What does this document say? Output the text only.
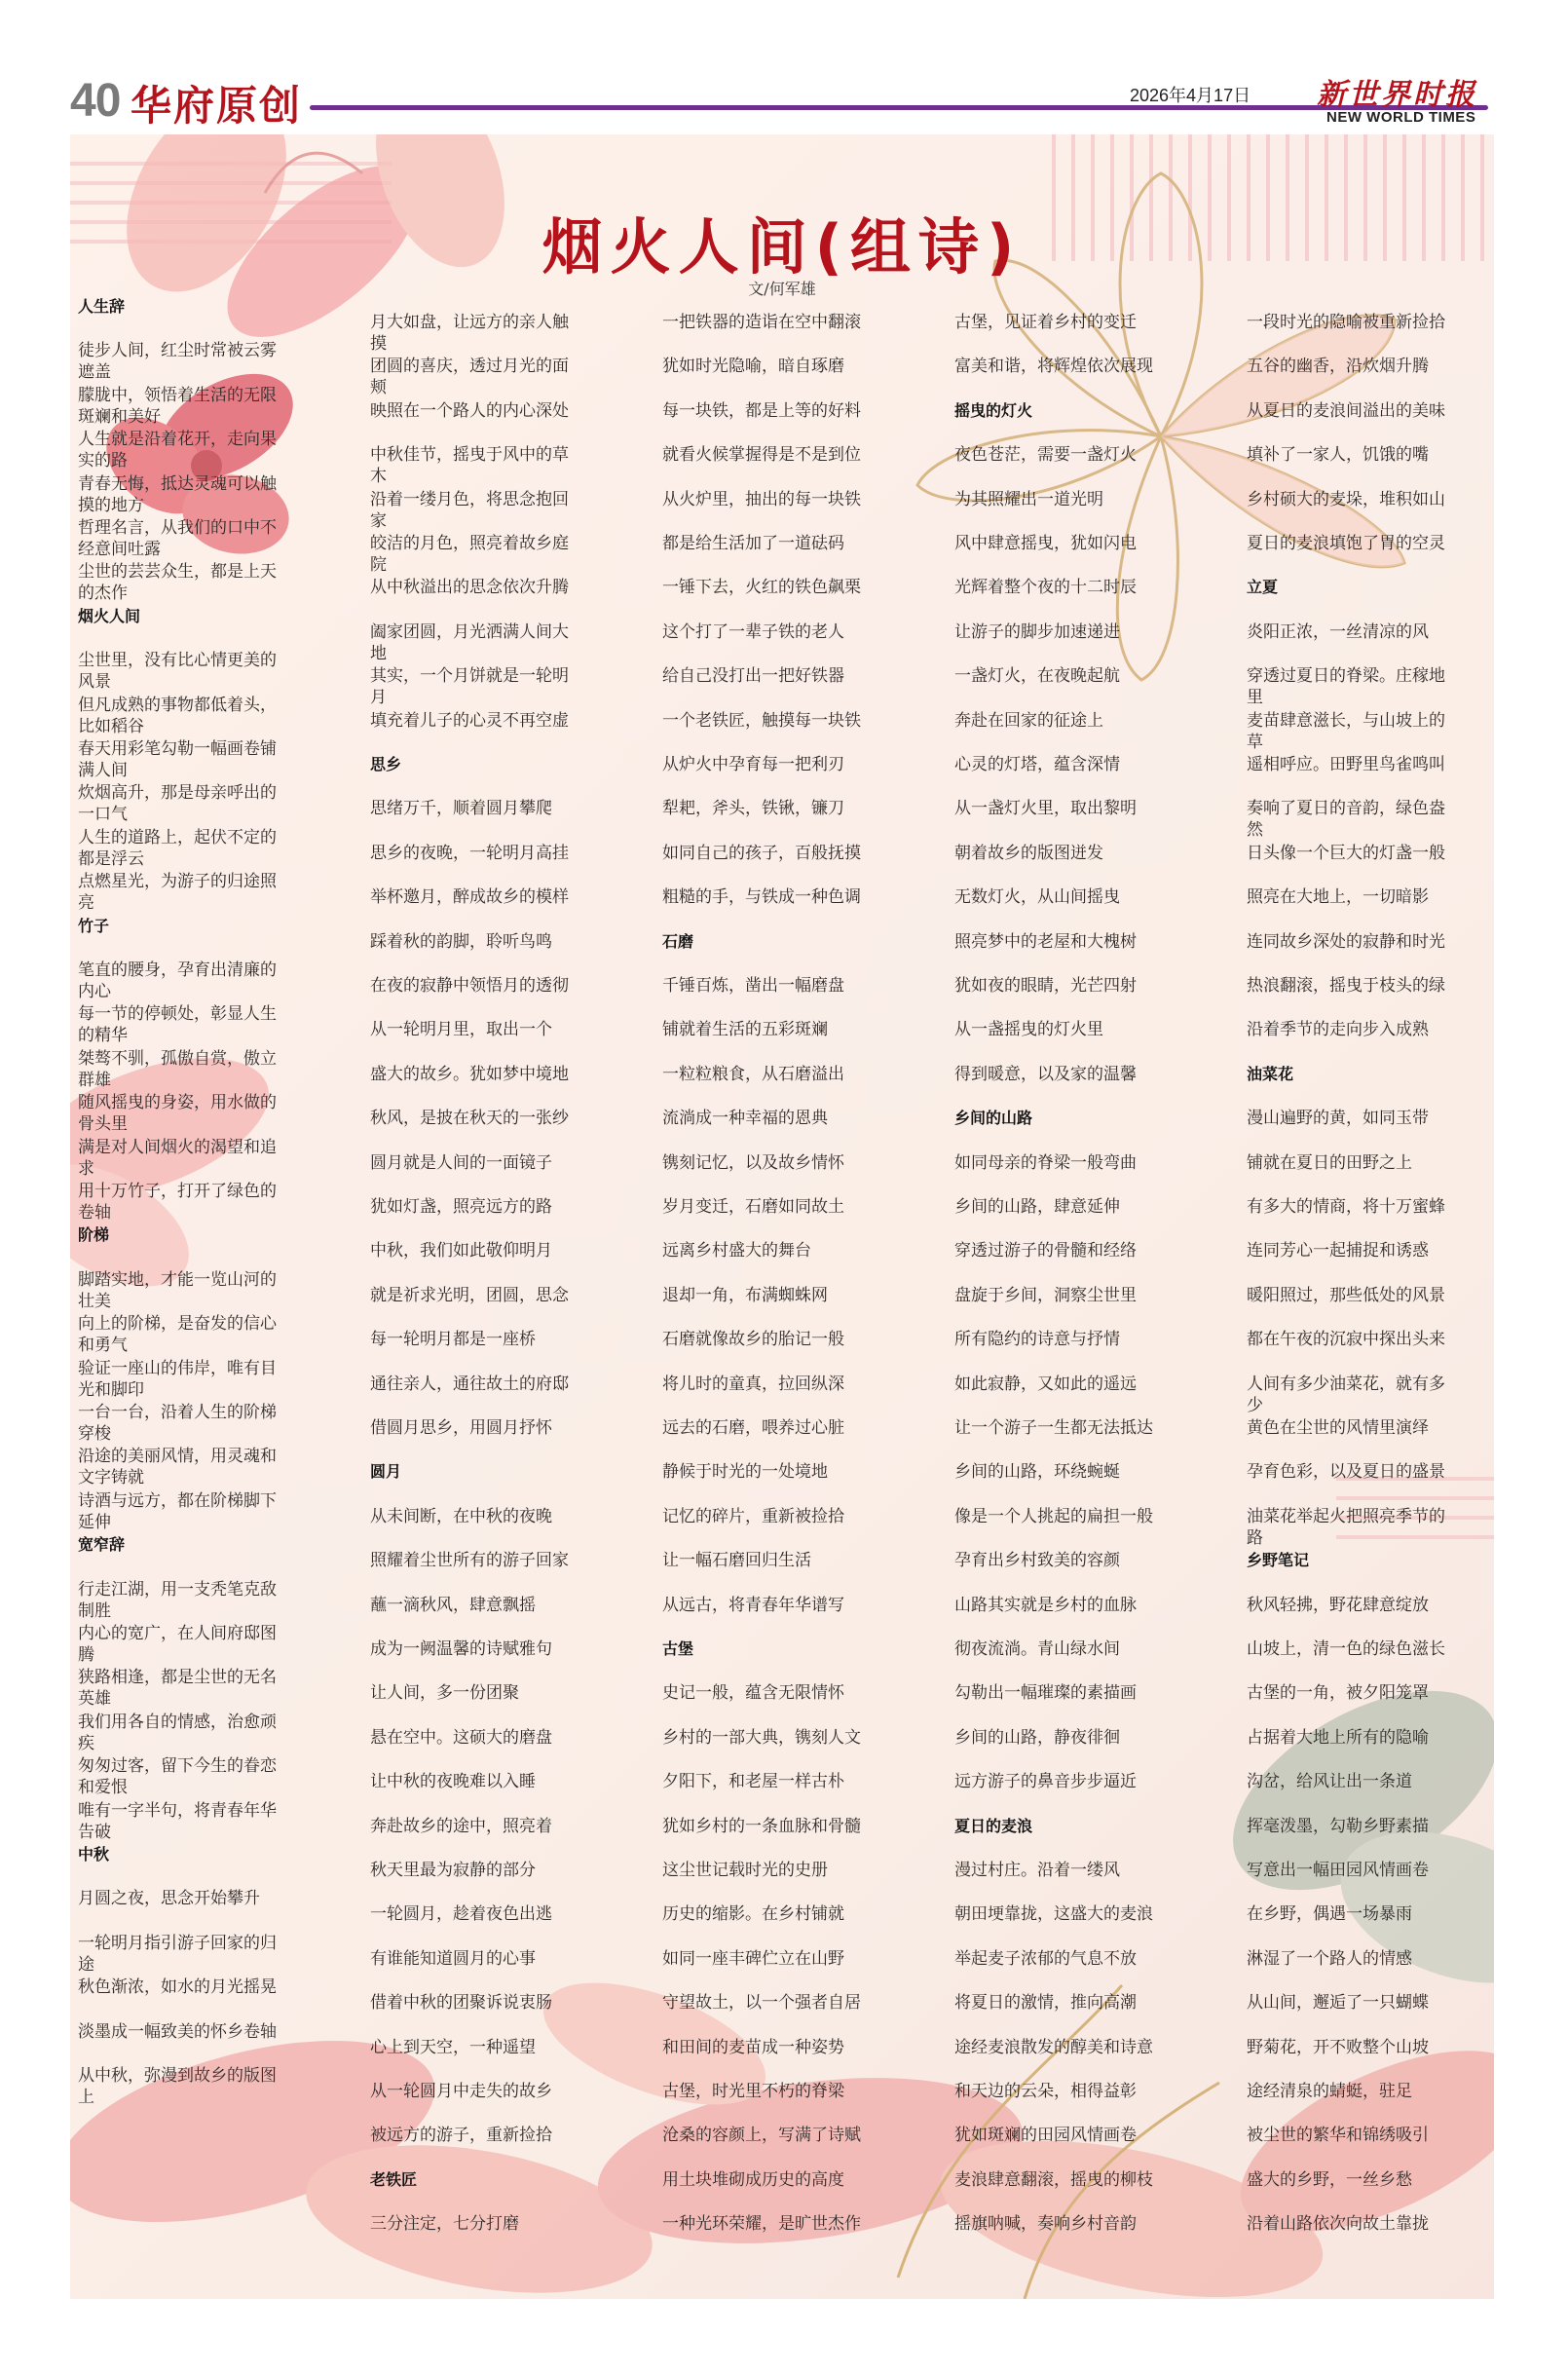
40 华府原创	2026年4月17日 新世界时报
NEW WORLD TIMES
烟火人间(组诗)
文/何军雄
人生辞
徒步人间，红尘时常被云雾遮盖
朦胧中，领悟着生活的无限斑斓和美好
人生就是沿着花开，走向果实的路
青春无悔，抵达灵魂可以触摸的地方
哲理名言，从我们的口中不经意间吐露
尘世的芸芸众生，都是上天的杰作
烟火人间
尘世里，没有比心情更美的风景
但凡成熟的事物都低着头，比如稻谷
春天用彩笔勾勒一幅画卷铺满人间
炊烟高升，那是母亲呼出的一口气
人生的道路上，起伏不定的都是浮云
点燃星光，为游子的归途照亮
竹子
笔直的腰身，孕育出清廉的内心
每一节的停顿处，彰显人生的精华
桀骜不驯，孤傲自赏，傲立群雄
随风摇曳的身姿，用水做的骨头里
满是对人间烟火的渴望和追求
用十万竹子，打开了绿色的卷轴
阶梯
脚踏实地，才能一览山河的壮美
向上的阶梯，是奋发的信心和勇气
验证一座山的伟岸，唯有目光和脚印
一台一台，沿着人生的阶梯穿梭
沿途的美丽风情，用灵魂和文字铸就
诗酒与远方，都在阶梯脚下延伸
宽窄辞
行走江湖，用一支秃笔克敌制胜
内心的宽广，在人间府邸图腾
狭路相逢，都是尘世的无名英雄
我们用各自的情感，治愈顽疾
匆匆过客，留下今生的眷恋和爱恨
唯有一字半句，将青春年华告破
中秋
月圆之夜，思念开始攀升
一轮明月指引游子回家的归途
秋色渐浓，如水的月光摇晃
淡墨成一幅致美的怀乡卷轴
从中秋，弥漫到故乡的版图上
月大如盘，让远方的亲人触摸
团圆的喜庆，透过月光的面颊
映照在一个路人的内心深处
中秋佳节，摇曳于风中的草木
沿着一缕月色，将思念抱回家
皎洁的月色，照亮着故乡庭院
从中秋溢出的思念依次升腾
阖家团圆，月光洒满人间大地
其实，一个月饼就是一轮明月
填充着儿子的心灵不再空虚
思乡
思绪万千，顺着圆月攀爬
思乡的夜晚，一轮明月高挂
举杯邀月，醉成故乡的模样
踩着秋的韵脚，聆听鸟鸣
在夜的寂静中领悟月的透彻
从一轮明月里，取出一个
盛大的故乡。犹如梦中境地
秋风，是披在秋天的一张纱
圆月就是人间的一面镜子
犹如灯盏，照亮远方的路
中秋，我们如此敬仰明月
就是祈求光明，团圆，思念
每一轮明月都是一座桥
通往亲人，通往故土的府邸
借圆月思乡，用圆月抒怀
圆月
从未间断，在中秋的夜晚
照耀着尘世所有的游子回家
蘸一滴秋风，肆意飘摇
成为一阙温馨的诗赋雅句
让人间，多一份团聚
悬在空中。这硕大的磨盘
让中秋的夜晚难以入睡
奔赴故乡的途中，照亮着
秋天里最为寂静的部分
一轮圆月，趁着夜色出逃
有谁能知道圆月的心事
借着中秋的团聚诉说衷肠
心上到天空，一种遥望
从一轮圆月中走失的故乡
被远方的游子，重新捡拾
老铁匠
三分注定，七分打磨
一把铁器的造诣在空中翻滚
犹如时光隐喻，暗自琢磨
每一块铁，都是上等的好料
就看火候掌握得是不是到位
从火炉里，抽出的每一块铁
都是给生活加了一道砝码
一锤下去，火红的铁色飙栗
这个打了一辈子铁的老人
给自己没打出一把好铁器
一个老铁匠，触摸每一块铁
从炉火中孕育每一把利刃
犁耙，斧头，铁锹，镰刀
如同自己的孩子，百般抚摸
粗糙的手，与铁成一种色调
石磨
千锤百炼，凿出一幅磨盘
铺就着生活的五彩斑斓
一粒粒粮食，从石磨溢出
流淌成一种幸福的恩典
镌刻记忆，以及故乡情怀
岁月变迁，石磨如同故土
远离乡村盛大的舞台
退却一角，布满蜘蛛网
石磨就像故乡的胎记一般
将儿时的童真，拉回纵深
远去的石磨，喂养过心脏
静候于时光的一处境地
记忆的碎片，重新被捡拾
让一幅石磨回归生活
从远古，将青春年华谱写
古堡
史记一般，蕴含无限情怀
乡村的一部大典，镌刻人文
夕阳下，和老屋一样古朴
犹如乡村的一条血脉和骨髓
这尘世记载时光的史册
历史的缩影。在乡村铺就
如同一座丰碑伫立在山野
守望故土，以一个强者自居
和田间的麦苗成一种姿势
古堡，时光里不朽的脊梁
沧桑的容颜上，写满了诗赋
用土块堆砌成历史的高度
一种光环荣耀，是旷世杰作
古堡，见证着乡村的变迁
富美和谐，将辉煌依次展现
摇曳的灯火
夜色苍茫，需要一盏灯火
为其照耀出一道光明
风中肆意摇曳，犹如闪电
光辉着整个夜的十二时辰
让游子的脚步加速递进
一盏灯火，在夜晚起航
奔赴在回家的征途上
心灵的灯塔，蕴含深情
从一盏灯火里，取出黎明
朝着故乡的版图迸发
无数灯火，从山间摇曳
照亮梦中的老屋和大槐树
犹如夜的眼睛，光芒四射
从一盏摇曳的灯火里
得到暖意，以及家的温馨
乡间的山路
如同母亲的脊梁一般弯曲
乡间的山路，肆意延伸
穿透过游子的骨髓和经络
盘旋于乡间，洞察尘世里
所有隐约的诗意与抒情
如此寂静，又如此的遥远
让一个游子一生都无法抵达
乡间的山路，环绕蜿蜒
像是一个人挑起的扁担一般
孕育出乡村致美的容颜
山路其实就是乡村的血脉
彻夜流淌。青山绿水间
勾勒出一幅璀璨的素描画
乡间的山路，静夜徘徊
远方游子的鼻音步步逼近
夏日的麦浪
漫过村庄。沿着一缕风
朝田埂靠拢，这盛大的麦浪
举起麦子浓郁的气息不放
将夏日的激情，推向高潮
途经麦浪散发的醇美和诗意
和天边的云朵，相得益彰
犹如斑斓的田园风情画卷
麦浪肆意翻滚，摇曳的柳枝
摇旗呐喊，奏响乡村音韵
一段时光的隐喻被重新捡拾
五谷的幽香，沿炊烟升腾
从夏日的麦浪间溢出的美味
填补了一家人，饥饿的嘴
乡村硕大的麦垛，堆积如山
夏日的麦浪填饱了胃的空灵
立夏
炎阳正浓，一丝清凉的风
穿透过夏日的脊梁。庄稼地里
麦苗肆意滋长，与山坡上的草
遥相呼应。田野里鸟雀鸣叫
奏响了夏日的音韵，绿色盎然
日头像一个巨大的灯盏一般
照亮在大地上，一切暗影
连同故乡深处的寂静和时光
热浪翻滚，摇曳于枝头的绿
沿着季节的走向步入成熟
油菜花
漫山遍野的黄，如同玉带
铺就在夏日的田野之上
有多大的情商，将十万蜜蜂
连同芳心一起捕捉和诱惑
暖阳照过，那些低处的风景
都在午夜的沉寂中探出头来
人间有多少油菜花，就有多少
黄色在尘世的风情里演绎
孕育色彩，以及夏日的盛景
油菜花举起火把照亮季节的路
乡野笔记
秋风轻拂，野花肆意绽放
山坡上，清一色的绿色滋长
古堡的一角，被夕阳笼罩
占据着大地上所有的隐喻
沟岔，给风让出一条道
挥毫泼墨，勾勒乡野素描
写意出一幅田园风情画卷
在乡野，偶遇一场暴雨
淋湿了一个路人的情感
从山间，邂逅了一只蝴蝶
野菊花，开不败整个山坡
途经清泉的蜻蜓，驻足
被尘世的繁华和锦绣吸引
盛大的乡野，一丝乡愁
沿着山路依次向故土靠拢
